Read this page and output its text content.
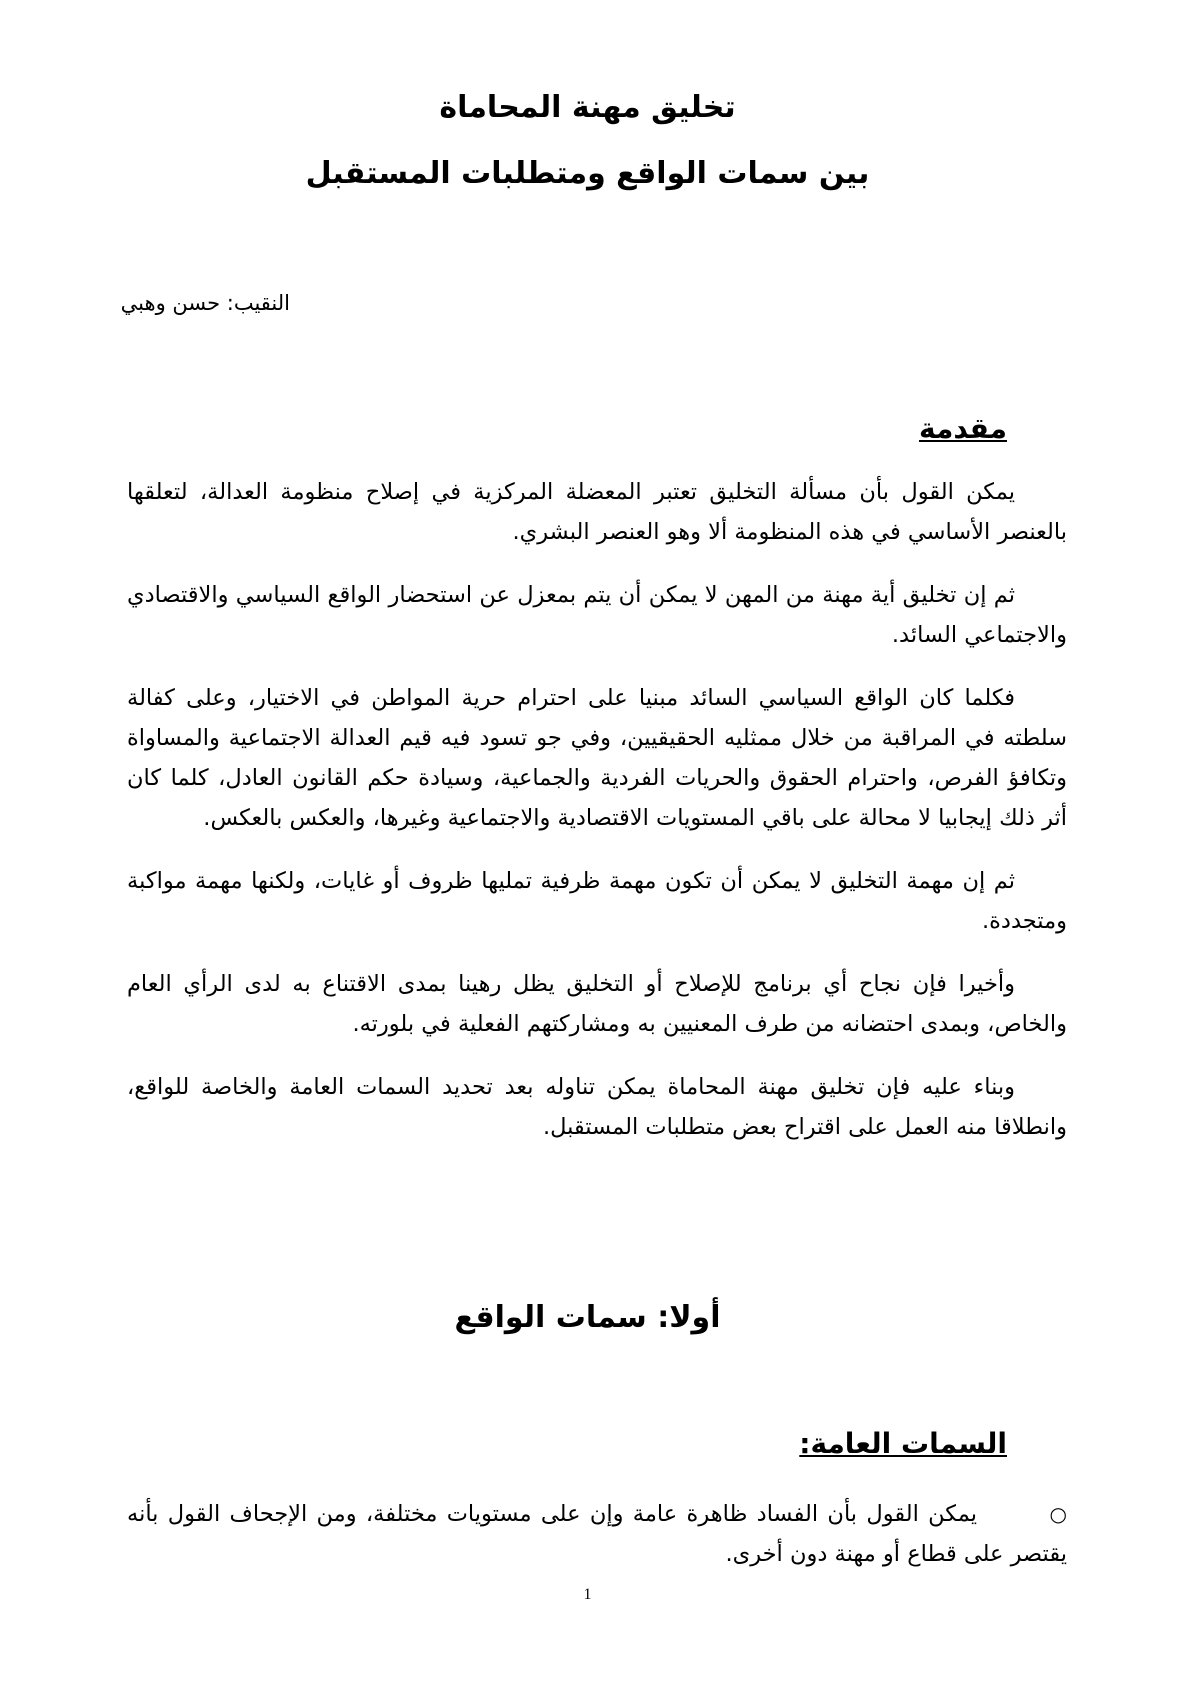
تخليق مهنة المحاماة
بين سمات الواقع ومتطلبات المستقبل
النقيب: حسن وهبي
مقدمة

يمكن القول بأن مسألة التخليق تعتبر المعضلة المركزية في إصلاح منظومة العدالة، لتعلقها بالعنصر الأساسي في هذه المنظومة ألا وهو العنصر البشري.

ثم إن تخليق أية مهنة من المهن لا يمكن أن يتم بمعزل عن استحضار الواقع السياسي والاقتصادي والاجتماعي السائد.

فكلما كان الواقع السياسي السائد مبنيا على احترام حرية المواطن في الاختيار، وعلى كفالة سلطته في المراقبة من خلال ممثليه الحقيقيين، وفي جو تسود فيه قيم العدالة الاجتماعية والمساواة وتكافؤ الفرص، واحترام الحقوق والحريات الفردية والجماعية، وسيادة حكم القانون العادل، كلما كان أثر ذلك إيجابيا لا محالة على باقي المستويات الاقتصادية والاجتماعية وغيرها، والعكس بالعكس.

ثم إن مهمة التخليق لا يمكن أن تكون مهمة ظرفية تمليها ظروف أو غايات، ولكنها مهمة مواكبة ومتجددة.

وأخيرا فإن نجاح أي برنامج للإصلاح أو التخليق يظل رهينا بمدى الاقتناع به لدى الرأي العام والخاص، وبمدى احتضانه من طرف المعنيين به ومشاركتهم الفعلية في بلورته.

وبناء عليه فإن تخليق مهنة المحاماة يمكن تناوله بعد تحديد السمات العامة والخاصة للواقع، وانطلاقا منه العمل على اقتراح بعض متطلبات المستقبل.

أولا: سمات الواقع
السمات العامة:
○
يمكن القول بأن الفساد ظاهرة عامة وإن على مستويات مختلفة، ومن الإجحاف القول بأنه يقتصر على قطاع أو مهنة دون أخرى.
1
